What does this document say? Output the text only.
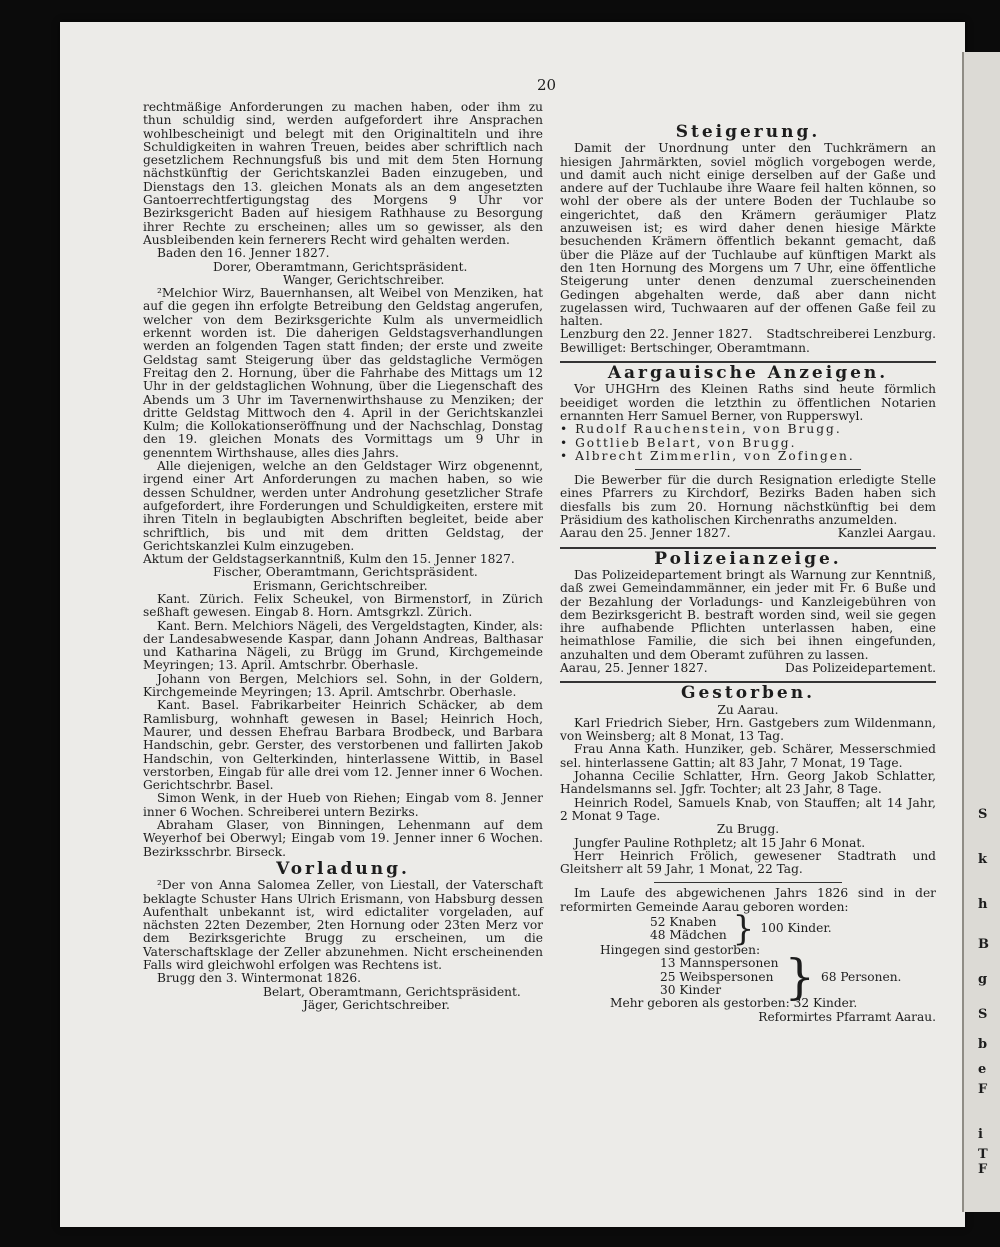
S
k
h
B
g
S
b
e
F
i
T
F
20

rechtmäßige Anforderungen zu machen haben, oder ihm zu thun schuldig sind, werden aufgefordert ihre Ansprachen wohlbescheinigt und belegt mit den Originaltiteln und ihre Schuldigkeiten in wahren Treuen, beides aber schriftlich nach gesetzlichem Rechnungsfuß bis und mit dem 5ten Hornung nächstkünftig der Gerichtskanzlei Baden einzugeben, und Dienstags den 13. gleichen Monats als an dem angesetzten Gantoerrechtfertigungstag des Morgens 9 Uhr vor Bezirksgericht Baden auf hiesigem Rathhause zu Besorgung ihrer Rechte zu erscheinen; alles um so gewisser, als den Ausbleibenden kein fernerers Recht wird gehalten werden.

Baden den 16. Jenner 1827.

Dorer, Oberamtmann, Gerichtspräsident.

Wanger, Gerichtschreiber.

²Melchior Wirz, Bauernhansen, alt Weibel von Menziken, hat auf die gegen ihn erfolgte Betreibung den Geldstag angerufen, welcher von dem Bezirksgerichte Kulm als unvermeidlich erkennt worden ist. Die daherigen Geldstagsverhandlungen werden an folgenden Tagen statt finden; der erste und zweite Geldstag samt Steigerung über das geldstagliche Vermögen Freitag den 2. Hornung, über die Fahrhabe des Mittags um 12 Uhr in der geldstaglichen Wohnung, über die Liegenschaft des Abends um 3 Uhr im Tavernenwirthshause zu Menziken; der dritte Geldstag Mittwoch den 4. April in der Gerichtskanzlei Kulm; die Kollokationseröffnung und der Nachschlag, Donstag den 19. gleichen Monats des Vormittags um 9 Uhr in genenntem Wirthshause, alles dies Jahrs.

Alle diejenigen, welche an den Geldstager Wirz obgenennt, irgend einer Art Anforderungen zu machen haben, so wie dessen Schuldner, werden unter Androhung gesetzlicher Strafe aufgefordert, ihre Forderungen und Schuldigkeiten, erstere mit ihren Titeln in beglaubigten Abschriften begleitet, beide aber schriftlich, bis und mit dem dritten Geldstag, der Gerichtskanzlei Kulm einzugeben.

Aktum der Geldstagserkanntniß, Kulm den 15. Jenner 1827.

Fischer, Oberamtmann, Gerichtspräsident.

Erismann, Gerichtschreiber.

Kant. Zürich. Felix Scheukel, von Birmenstorf, in Zürich seßhaft gewesen. Eingab 8. Horn. Amtsgrkzl. Zürich.

Kant. Bern. Melchiors Nägeli, des Vergeldstagten, Kinder, als: der Landesabwesende Kaspar, dann Johann Andreas, Balthasar und Katharina Nägeli, zu Brügg im Grund, Kirchgemeinde Meyringen; 13. April. Amtschrbr. Oberhasle.

Johann von Bergen, Melchiors sel. Sohn, in der Goldern, Kirchgemeinde Meyringen; 13. April. Amtschrbr. Oberhasle.

Kant. Basel. Fabrikarbeiter Heinrich Schäcker, ab dem Ramlisburg, wohnhaft gewesen in Basel; Heinrich Hoch, Maurer, und dessen Ehefrau Barbara Brodbeck, und Barbara Handschin, gebr. Gerster, des verstorbenen und fallirten Jakob Handschin, von Gelterkinden, hinterlassene Wittib, in Basel verstorben, Eingab für alle drei vom 12. Jenner inner 6 Wochen. Gerichtschrbr. Basel.

Simon Wenk, in der Hueb von Riehen; Eingab vom 8. Jenner inner 6 Wochen. Schreiberei untern Bezirks.

Abraham Glaser, von Binningen, Lehenmann auf dem Weyerhof bei Oberwyl; Eingab vom 19. Jenner inner 6 Wochen. Bezirksschrbr. Birseck.

Vorladung.

²Der von Anna Salomea Zeller, von Liestall, der Vaterschaft beklagte Schuster Hans Ulrich Erismann, von Habsburg dessen Aufenthalt unbekannt ist, wird edictaliter vorgeladen, auf nächsten 22ten Dezember, 2ten Hornung oder 23ten Merz vor dem Bezirksgerichte Brugg zu erscheinen, um die Vaterschaftsklage der Zeller abzunehmen. Nicht erscheinenden Falls wird gleichwohl erfolgen was Rechtens ist.

Brugg den 3. Wintermonat 1826.

Belart, Oberamtmann, Gerichtspräsident.

Jäger, Gerichtschreiber.

Steigerung.

Damit der Unordnung unter den Tuchkrämern an hiesigen Jahrmärkten, soviel möglich vorgebogen werde, und damit auch nicht einige derselben auf der Gaße und andere auf der Tuchlaube ihre Waare feil halten können, so wohl der obere als der untere Boden der Tuchlaube so eingerichtet, daß den Krämern geräumiger Platz anzuweisen ist; es wird daher denen hiesige Märkte besuchenden Krämern öffentlich bekannt gemacht, daß über die Pläze auf der Tuchlaube auf künftigen Markt als den 1ten Hornung des Morgens um 7 Uhr, eine öffentliche Steigerung unter denen denzumal zuerscheinenden Gedingen abgehalten werde, daß aber dann nicht zugelassen wird, Tuchwaaren auf der offenen Gaße feil zu halten.

Lenzburg den 22. Jenner 1827. Stadtschreiberei Lenzburg.

Bewilliget: Bertschinger, Oberamtmann.

Aargauische Anzeigen.

Vor UHGHrn des Kleinen Raths sind heute förmlich beeidiget worden die letzthin zu öffentlichen Notarien ernannten Herr Samuel Berner, von Rupperswyl.

• Rudolf Rauchenstein, von Brugg.

• Gottlieb Belart, von Brugg.

• Albrecht Zimmerlin, von Zofingen.

Die Bewerber für die durch Resignation erledigte Stelle eines Pfarrers zu Kirchdorf, Bezirks Baden haben sich diesfalls bis zum 20. Hornung nächstkünftig bei dem Präsidium des katholischen Kirchenraths anzumelden.

Aarau den 25. Jenner 1827.	Kanzlei Aargau.
Polizeianzeige.

Das Polizeidepartement bringt als Warnung zur Kenntniß, daß zwei Gemeindammänner, ein jeder mit Fr. 6 Buße und der Bezahlung der Vorladungs- und Kanzleigebühren von dem Bezirksgericht B. bestraft worden sind, weil sie gegen ihre aufhabende Pflichten unterlassen haben, eine heimathlose Familie, die sich bei ihnen eingefunden, anzuhalten und dem Oberamt zuführen zu lassen.

Aarau, 25. Jenner 1827.	Das Polizeidepartement.
Gestorben.

Zu Aarau.

Karl Friedrich Sieber, Hrn. Gastgebers zum Wildenmann, von Weinsberg; alt 8 Monat, 13 Tag.

Frau Anna Kath. Hunziker, geb. Schärer, Messerschmied sel. hinterlassene Gattin; alt 83 Jahr, 7 Monat, 19 Tage.

Johanna Cecilie Schlatter, Hrn. Georg Jakob Schlatter, Handelsmanns sel. Jgfr. Tochter; alt 23 Jahr, 8 Tage.

Heinrich Rodel, Samuels Knab, von Stauffen; alt 14 Jahr, 2 Monat 9 Tage.

Zu Brugg.

Jungfer Pauline Rothpletz; alt 15 Jahr 6 Monat.

Herr Heinrich Frölich, gewesener Stadtrath und Gleitsherr alt 59 Jahr, 1 Monat, 22 Tag.

Im Laufe des abgewichenen Jahrs 1826 sind in der reformirten Gemeinde Aarau geboren worden:

52 Knaben
48 Mädchen } 100 Kinder.

Hingegen sind gestorben:

13 Mannspersonen
25 Weibspersonen
30 Kinder	} 68 Personen.

Mehr geboren als gestorben: 32 Kinder.

Reformirtes Pfarramt Aarau.
